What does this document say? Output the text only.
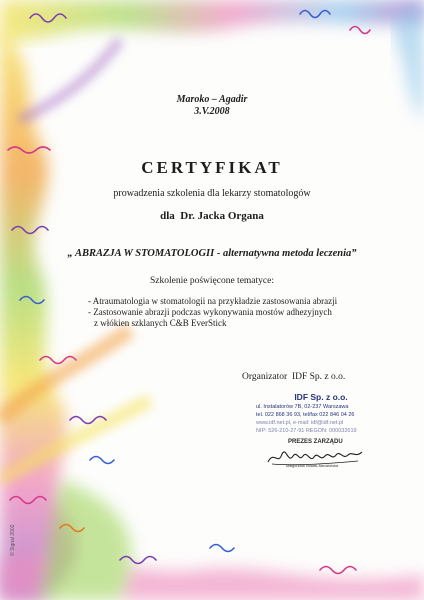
Maroko – Agadir
3.V.2008
CERTYFIKAT
prowadzenia szkolenia dla lekarzy stomatologów
dla Dr. Jacka Organa
„ ABRAZJA W STOMATOLOGII - alternatywna metoda leczenia”
Szkolenie poświęcone tematyce:
- Atraumatologia w stomatologii na przykładzie zastosowania abrazji
- Zastosowanie abrazji podczas wykonywania mostów adhezyjnych
z włókien szklanych C&B EverStick
Organizator IDF Sp. z o.o.
IDF Sp. z o.o.
ul. Instalatorów 7B, 02-237 Warszawa
tel. 022 868 36 93, tel/fax 022 846 04 26
www.idf.net.pl, e-mail: idf@idf.net.pl
NIP: 526-210-27-91 REGON: 000032619
PREZES ZARZĄDU
Małgorzata Nowak-Niedzielska
© Signal 2002
